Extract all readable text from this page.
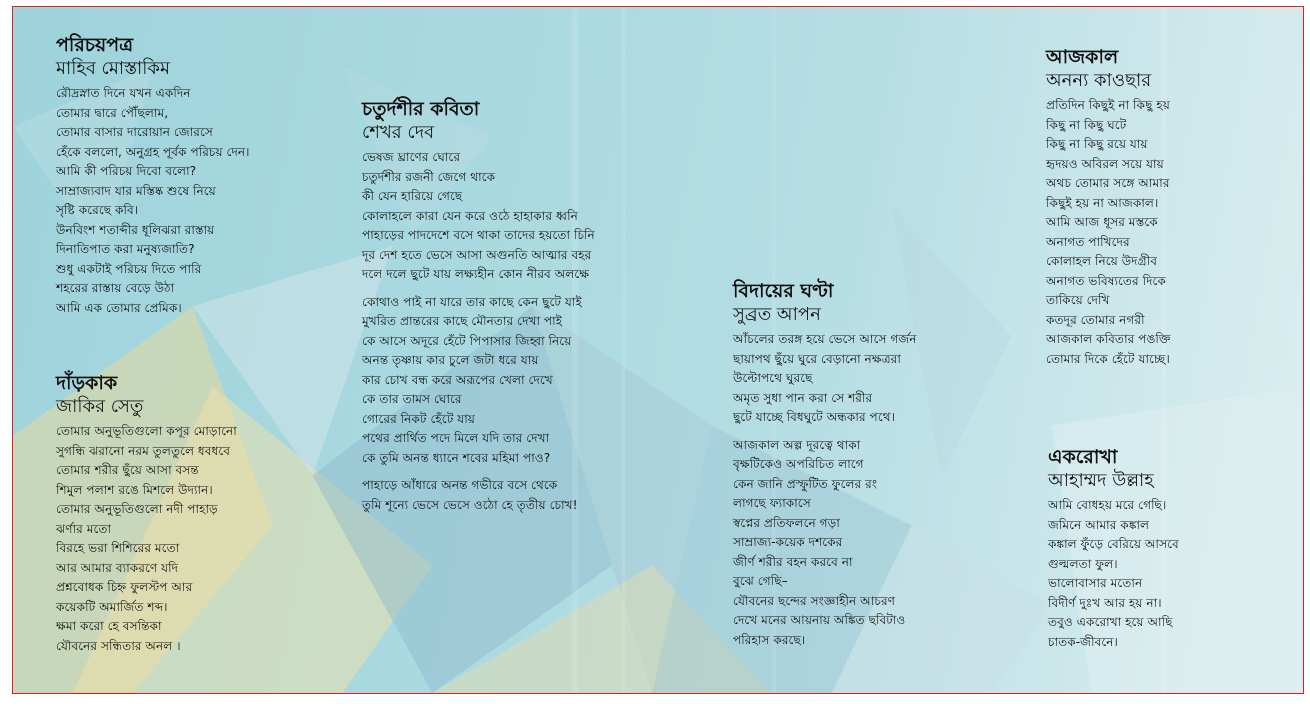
পরিচয়পত্র
মাহিব মোস্তাকিম
রৌদ্রস্নাত দিনে যখন একদিন
তোমার দ্বারে পৌঁছলাম,
তোমার বাসার দারোয়ান জোরসে
হেঁকে বললো, অনুগ্রহ পূর্বক পরিচয় দেন।
আমি কী পরিচয় দিবো বলো?
সাম্রাজ্যবাদ যার মস্তিষ্ক শুষে নিয়ে
সৃষ্টি করেছে কবি।
উনবিংশ শতাব্দীর ধূলিঝরা রাস্তায়
দিনাতিপাত করা মনুষ্যজাতি?
শুধু একটাই পরিচয় দিতে পারি
শহরের রাস্তায় বেড়ে উঠা
আমি এক তোমার প্রেমিক।
দাঁড়কাক
জাকির সেতু
তোমার অনুভূতিগুলো কপূর মোড়ানো
সুগন্ধি ঝরানো নরম তুলতুলে ধবধবে
তোমার শরীর ছুঁয়ে আসা বসন্ত
শিমুল পলাশ রঙে মিশলে উদ্যান।
তোমার অনুভূতিগুলো নদী পাহাড়
ঝর্ণার মতো
বিরহে ভরা শিশিরের মতো
আর আমার ব্যাকরণে যদি
প্রশ্নবোধক চিহ্ন ফুলস্টপ আর
কয়েকটি অমার্জিত শব্দ।
ক্ষমা করো হে বসন্তিকা
যৌবনের সন্ধিতার অনল ।
চতুর্দশীর কবিতা
শেখর দেব
ভেষজ ঘ্রাণের ঘোরে
চতুর্দশীর রজনী জেগে থাকে
কী যেন হারিয়ে গেছে
কোলাহলে কারা যেন করে ওঠে হাহাকার ধ্বনি
পাহাড়ের পাদদেশে বসে থাকা তাদের হয়তো চিনি
দূর দেশ হতে ভেসে আসা অগুনতি আত্মার বহর
দলে দলে ছুটে যায় লক্ষ্যহীন কোন নীরব অলক্ষে
কোথাও পাই না যারে তার কাছে কেন ছুটে যাই
মুখরিত প্রান্তরের কাছে মৌনতার দেখা পাই
কে আসে অদূরে হেঁটে পিপাসার জিহ্বা নিয়ে
অনন্ত তৃষ্ণায় কার চুলে জটা ধরে যায়
কার চোখ বন্ধ করে অরূপের খেলা দেখে
কে তার তামস ঘোরে
গোরের নিকট হেঁটে যায়
পথের প্রার্থিত পদে মিলে যদি তার দেখা
কে তুমি অনন্ত ধ্যানে শবের মহিমা পাও?
পাহাড়ে আঁধারে অনন্ত গভীরে বসে থেকে
তুমি শূন্যে ভেসে ভেসে ওঠো হে তৃতীয় চোখ!
বিদায়ের ঘণ্টা
সুব্রত আপন
আঁচলের তরঙ্গ হয়ে ভেসে আসে গর্জন
ছায়াপথ ছুঁয়ে ঘুরে বেড়ানো নক্ষত্ররা
উল্টোপথে ঘুরছে
অমৃত সুধা পান করা সে শরীর
ছুটে যাচ্ছে বিধঘুটে অন্ধকার পথে।
আজকাল অল্প দূরত্বে থাকা
বৃক্ষটিকেও অপরিচিত লাগে
কেন জানি প্রস্ফুটিত ফুলের রং
লাগছে ফ্যাকাসে
স্বপ্নের প্রতিফলনে গড়া
সাম্রাজ্য-কয়েক দশকের
জীর্ণ শরীর বহন করবে না
বুঝে গেছি–
যৌবনের ছন্দের সংজ্ঞাহীন আচরণ
দেখে মনের আয়নায় অঙ্কিত ছবিটাও
পরিহাস করছে।
আজকাল
অনন্য কাওছার
প্রতিদিন কিছুই না কিছু হয়
কিছু না কিছু ঘটে
কিছু না কিছু রয়ে যায়
হৃদয়ও অবিরল সয়ে যায়
অথচ তোমার সঙ্গে আমার
কিছুই হয় না আজকাল।
আমি আজ ধূসর মস্তকে
অনাগত পাখিদের
কোলাহল নিয়ে উদগ্রীব
অনাগত ভবিষ্যতের দিকে
তাকিয়ে দেখি
কতদূর তোমার নগরী
আজকাল কবিতার পঙক্তি
তোমার দিকে হেঁটে যাচ্ছে।
একরোখা
আহাম্মদ উল্লাহ
আমি বোধহয় মরে গেছি।
জমিনে আমার কঙ্কাল
কঙ্কাল ফুঁড়ে বেরিয়ে আসবে
গুল্মলতা ফুল।
ভালোবাসার মতোন
বিদীর্ণ দুঃখ আর হয় না।
তবুও একরোখা হয়ে আছি
চাতক-জীবনে।
